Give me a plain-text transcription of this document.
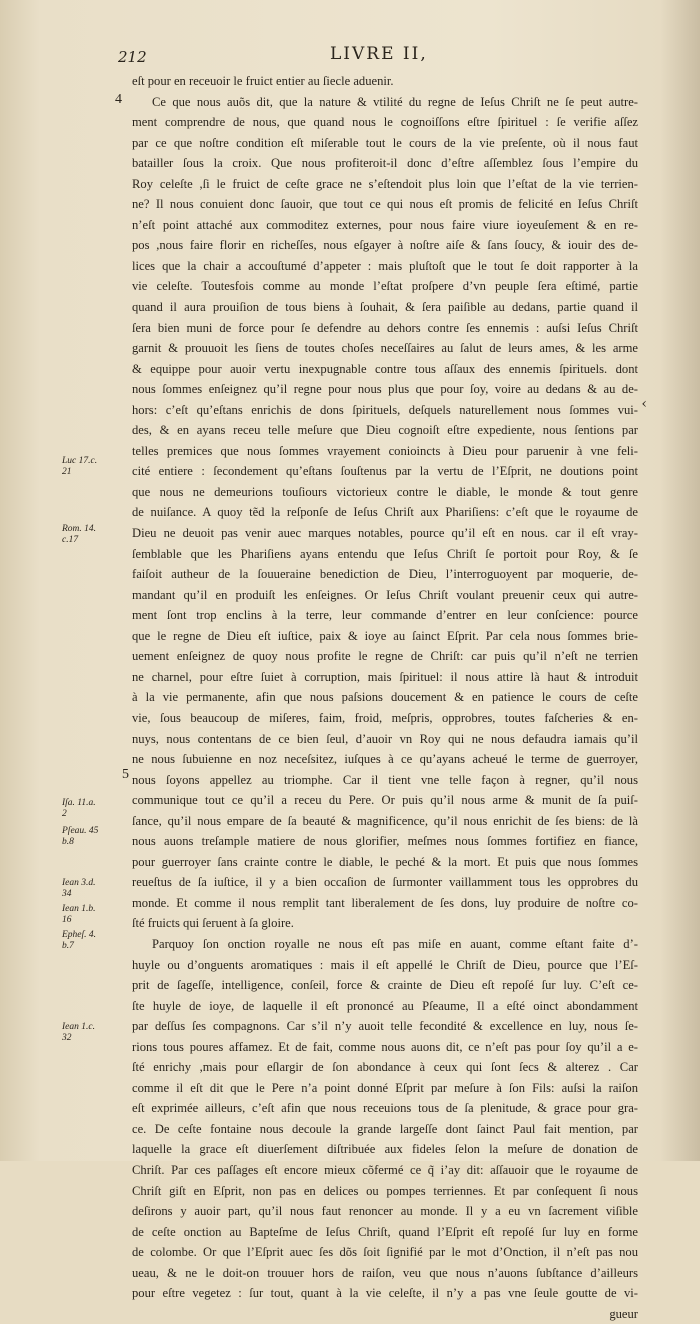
212	LIVRE II,
4
5
‹
Luc 17.c.
21
Rom. 14.
c.17
Iſa. 11.a.
2
Pſeau. 45
b.8
Iean 3.d.
34
Iean 1.b.
16
Epheſ. 4.
b.7
Iean 1.c.
32
eſt pour en receuoir le fruict entier au ſiecle aduenir.
Ce que nous auõs dit, que la nature & vtilité du regne de Ieſus Chriſt ne ſe peut autre-
ment comprendre de nous, que quand nous le cognoiſſons eſtre ſpirituel : ſe verifie aſſez
par ce que noſtre condition eſt miſerable tout le cours de la vie preſente, où il nous faut
batailler ſous la croix. Que nous profiteroit-il donc d’eſtre aſſemblez ſous l’empire du
Roy celeſte ,ſi le fruict de ceſte grace ne s’eſtendoit plus loin que l’eſtat de la vie terrien-
ne? Il nous conuient donc ſauoir, que tout ce qui nous eſt promis de felicité en Ieſus Chriſt
n’eſt point attaché aux commoditez externes, pour nous faire viure ioyeuſement & en re-
pos ,nous faire florir en richeſſes, nous eſgayer à noſtre aiſe & ſans ſoucy, & iouir des de-
lices que la chair a accouſtumé d’appeter : mais pluſtoſt que le tout ſe doit rapporter à la
vie celeſte. Toutesfois comme au monde l’eſtat proſpere d’vn peuple ſera eſtimé, partie
quand il aura prouiſion de tous biens à ſouhait, & ſera paiſible au dedans, partie quand il
ſera bien muni de force pour ſe defendre au dehors contre ſes ennemis : auſsi Ieſus Chriſt
garnit & prouuoit les ſiens de toutes choſes neceſſaires au ſalut de leurs ames, & les arme
& equippe pour auoir vertu inexpugnable contre tous aſſaux des ennemis ſpirituels. dont
nous ſommes enſeignez qu’il regne pour nous plus que pour ſoy, voire au dedans & au de-
hors: c’eſt qu’eſtans enrichis de dons ſpirituels, deſquels naturellement nous ſommes vui-
des, & en ayans receu telle meſure que Dieu cognoiſt eſtre expediente, nous ſentions par
telles premices que nous ſommes vrayement conioincts à Dieu pour paruenir à vne feli-
cité entiere : ſecondement qu’eſtans ſouſtenus par la vertu de l’Eſprit, ne doutions point
que nous ne demeurions touſiours victorieux contre le diable, le monde & tout genre
de nuiſance. A quoy tẽd la reſponſe de Ieſus Chriſt aux Phariſiens: c’eſt que le royaume de
Dieu ne deuoit pas venir auec marques notables, pource qu’il eſt en nous. car il eſt vray-
ſemblable que les Phariſiens ayans entendu que Ieſus Chriſt ſe portoit pour Roy, & ſe
faiſoit autheur de la ſouueraine benediction de Dieu, l’interroguoyent par moquerie, de-
mandant qu’il en produiſt les enſeignes. Or Ieſus Chriſt voulant preuenir ceux qui autre-
ment ſont trop enclins à la terre, leur commande d’entrer en leur conſcience: pource
que le regne de Dieu eſt iuſtice, paix & ioye au ſainct Eſprit. Par cela nous ſommes brie-
uement enſeignez de quoy nous profite le regne de Chriſt: car puis qu’il n’eſt ne terrien
ne charnel, pour eſtre ſuiet à corruption, mais ſpirituel: il nous attire là haut & introduit
à la vie permanente, afin que nous paſsions doucement & en patience le cours de ceſte
vie, ſous beaucoup de miſeres, faim, froid, meſpris, opprobres, toutes faſcheries & en-
nuys, nous contentans de ce bien ſeul, d’auoir vn Roy qui ne nous defaudra iamais qu’il
ne nous ſubuienne en noz neceſsitez, iuſques à ce qu’ayans acheué le terme de guerroyer,
nous ſoyons appellez au triomphe. Car il tient vne telle façon à regner, qu’il nous
communique tout ce qu’il a receu du Pere. Or puis qu’il nous arme & munit de ſa puiſ-
ſance, qu’il nous empare de ſa beauté & magnificence, qu’il nous enrichit de ſes biens: de là
nous auons treſample matiere de nous glorifier, meſmes nous ſommes fortifiez en fiance,
pour guerroyer ſans crainte contre le diable, le peché & la mort. Et puis que nous ſommes
reueſtus de ſa iuſtice, il y a bien occaſion de ſurmonter vaillamment tous les opprobres du
monde. Et comme il nous remplit tant liberalement de ſes dons, luy produire de noſtre co-
ſté fruicts qui ſeruent à ſa gloire.
Parquoy ſon onction royalle ne nous eſt pas miſe en auant, comme eſtant faite d’-
huyle ou d’onguents aromatiques : mais il eſt appellé le Chriſt de Dieu, pource que l’Eſ-
prit de ſageſſe, intelligence, conſeil, force & crainte de Dieu eſt repoſé ſur luy. C’eſt ce-
ſte huyle de ioye, de laquelle il eſt prononcé au Pſeaume, Il a eſté oinct abondamment
par deſſus ſes compagnons. Car s’il n’y auoit telle fecondité & excellence en luy, nous ſe-
rions tous poures affamez. Et de fait, comme nous auons dit, ce n’eſt pas pour ſoy qu’il a e-
ſté enrichy ,mais pour eſlargir de ſon abondance à ceux qui ſont ſecs & alterez . Car
comme il eſt dit que le Pere n’a point donné Eſprit par meſure à ſon Fils: auſsi la raiſon
eſt exprimée ailleurs, c’eſt afin que nous receuions tous de ſa plenitude, & grace pour gra-
ce. De ceſte fontaine nous decoule la grande largeſſe dont ſainct Paul fait mention, par
laquelle la grace eſt diuerſement diſtribuée aux fideles ſelon la meſure de donation de
Chriſt. Par ces paſſages eſt encore mieux cõfermé ce q̃ i’ay dit: aſſauoir que le royaume de
Chriſt giſt en Eſprit, non pas en delices ou pompes terriennes. Et par conſequent ſi nous
deſirons y auoir part, qu’il nous faut renoncer au monde. Il y a eu vn ſacrement viſible
de ceſte onction au Bapteſme de Ieſus Chriſt, quand l’Eſprit eſt repoſé ſur luy en forme
de colombe. Or que l’Eſprit auec ſes dõs ſoit ſignifié par le mot d’Onction, il n’eſt pas nou
ueau, & ne le doit-on trouuer hors de raiſon, veu que nous n’auons ſubſtance d’ailleurs
pour eſtre vegetez : ſur tout, quant à la vie celeſte, il n’y a pas vne ſeule goutte de vi-
gueur
